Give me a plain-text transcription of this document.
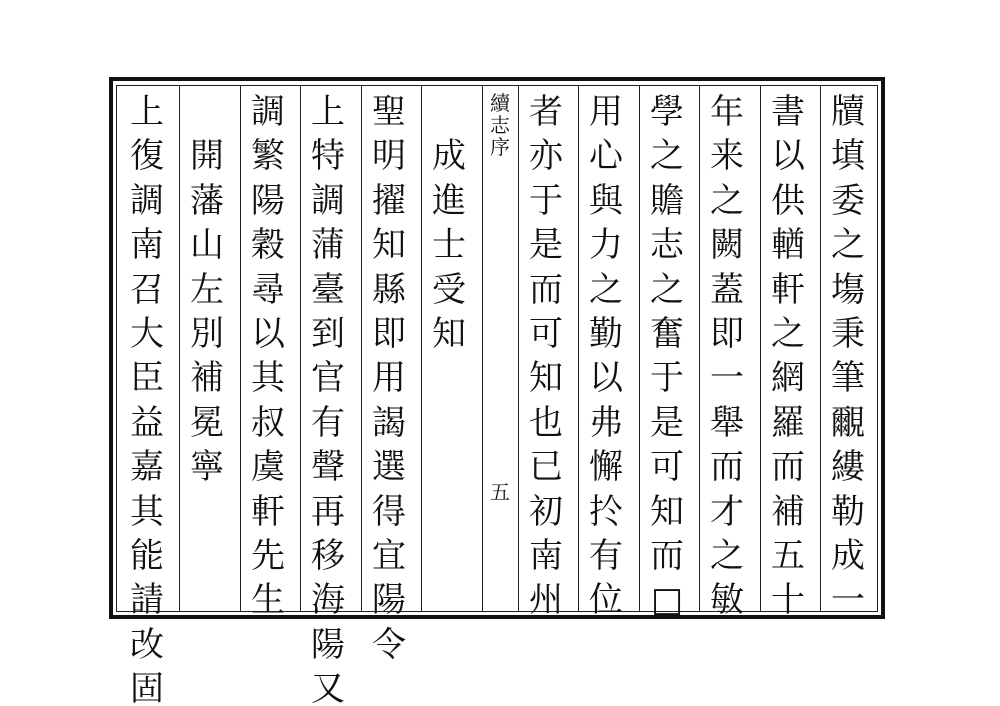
續
志
序
五
牘
填
委
之
塲
秉
筆
覼
縷
勒
成
一
書
以
供
輶
軒
之
網
羅
而
補
五
十
年
来
之
闕
蓋
即
一
舉
而
才
之
敏
學
之
贍
志
之
奮
于
是
可
知
而
□
用
心
與
力
之
勤
以
弗
懈
扵
有
位
者
亦
于
是
而
可
知
也
已
初
南
州
成
進
士
受
知
聖
明
擢
知
縣
即
用
謁
選
得
宜
陽
令
上
特
調
蒲
臺
到
官
有
聲
再
移
海
陽
又
調
繁
陽
穀
尋
以
其
叔
虞
軒
先
生
開
藩
山
左
別
補
冕
寧
上
復
調
南
召
大
臣
益
嘉
其
能
請
改
固
